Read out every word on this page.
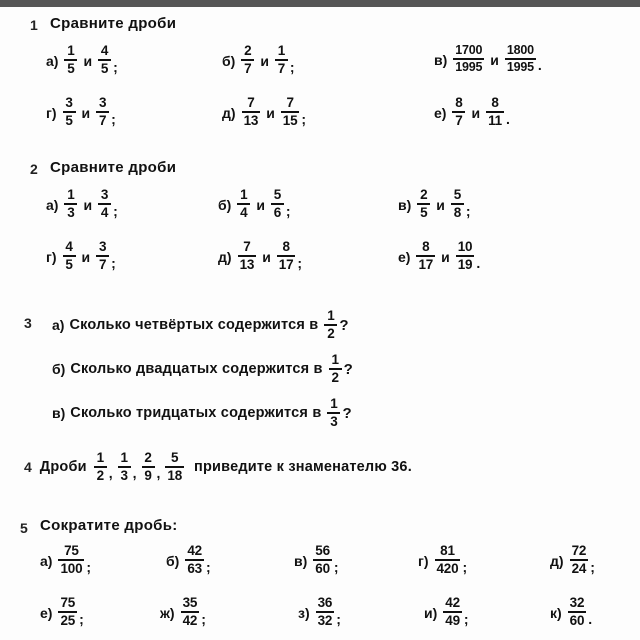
1 Сравните дроби
$а) \frac{1}{5}$ и $\frac{4}{5}$ ;	$б) \frac{2}{7}$ и $\frac{1}{7}$ ;	$в) \frac{1700}{1995}$ и $\frac{1800}{1995}$ .
$г) \frac{3}{5}$ и $\frac{3}{7}$ ;	$д) \frac{7}{13}$ и $\frac{7}{15}$ ;	$е) \frac{8}{7}$ и $\frac{8}{11}$ .
2 Сравните дроби
$а) \frac{1}{3}$ и $\frac{3}{4}$ ;	$б) \frac{1}{4}$ и $\frac{5}{6}$ ;	$в) \frac{2}{5}$ и $\frac{5}{8}$ ;
$г) \frac{4}{5}$ и $\frac{3}{7}$ ;	$д) \frac{7}{13}$ и $\frac{8}{17}$ ;	$е) \frac{8}{17}$ и $\frac{10}{19}$ .
3 а) Сколько четвёртых содержится в $\frac{1}{2}$ ?
б) Сколько двадцатых содержится в $\frac{1}{2}$ ?
в) Сколько тридцатых содержится в $\frac{1}{3}$ ?
4 Дроби $\frac{1}{2}$ , $\frac{1}{3}$ , $\frac{2}{9}$ , $\frac{5}{18}$ приведите к знаменателю 36.
5 Сократите дробь:
$а) \frac{75}{100}$ ;	$б) \frac{42}{63}$ ;	$в) \frac{56}{60}$ ;	$г) \frac{81}{420}$ ;	$д) \frac{72}{24}$ ;
$е) \frac{75}{25}$ ;	$ж) \frac{35}{42}$ ;	$з) \frac{36}{32}$ ;	$и) \frac{42}{49}$ ;	$к) \frac{32}{60}$ .
